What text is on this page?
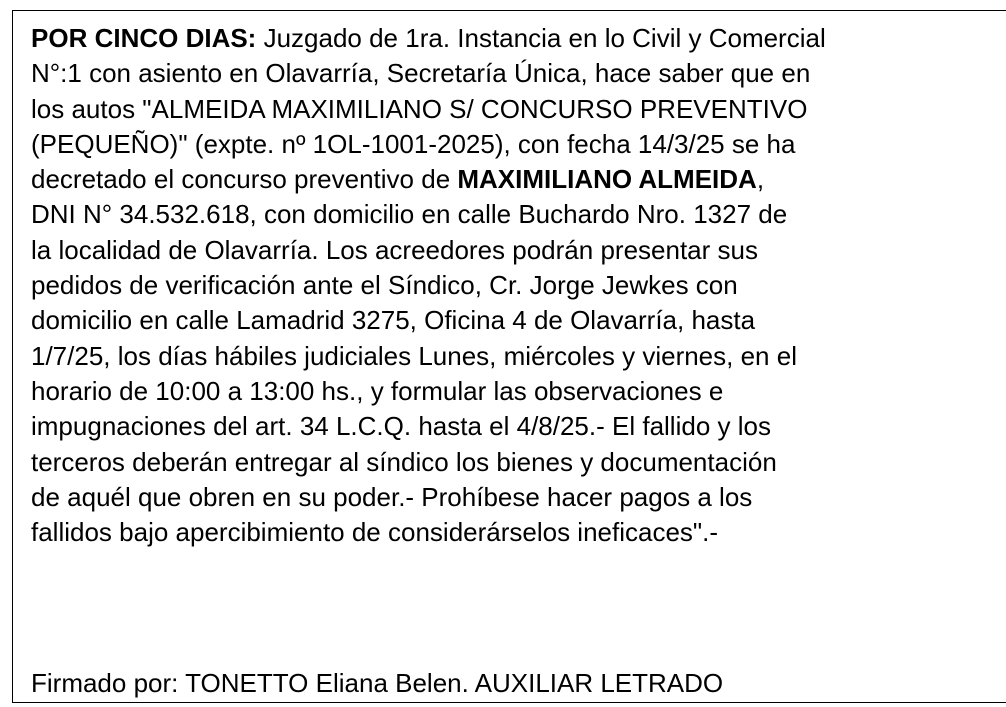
POR CINCO DIAS: Juzgado de 1ra. Instancia en lo Civil y Comercial
N°:1 con asiento en Olavarría, Secretaría Única, hace saber que en
los autos "ALMEIDA MAXIMILIANO S/ CONCURSO PREVENTIVO
(PEQUEÑO)" (expte. nº 1OL-1001-2025), con fecha 14/3/25 se ha
decretado el concurso preventivo de MAXIMILIANO ALMEIDA,
DNI N° 34.532.618, con domicilio en calle Buchardo Nro. 1327 de
la localidad de Olavarría. Los acreedores podrán presentar sus
pedidos de verificación ante el Síndico, Cr. Jorge Jewkes con
domicilio en calle Lamadrid 3275, Oficina 4 de Olavarría, hasta
1/7/25, los días hábiles judiciales Lunes, miércoles y viernes, en el
horario de 10:00 a 13:00 hs., y formular las observaciones e
impugnaciones del art. 34 L.C.Q. hasta el 4/8/25.- El fallido y los
terceros deberán entregar al síndico los bienes y documentación
de aquél que obren en su poder.- Prohíbese hacer pagos a los
fallidos bajo apercibimiento de considerárselos ineficaces".-
Firmado por: TONETTO Eliana Belen. AUXILIAR LETRADO
